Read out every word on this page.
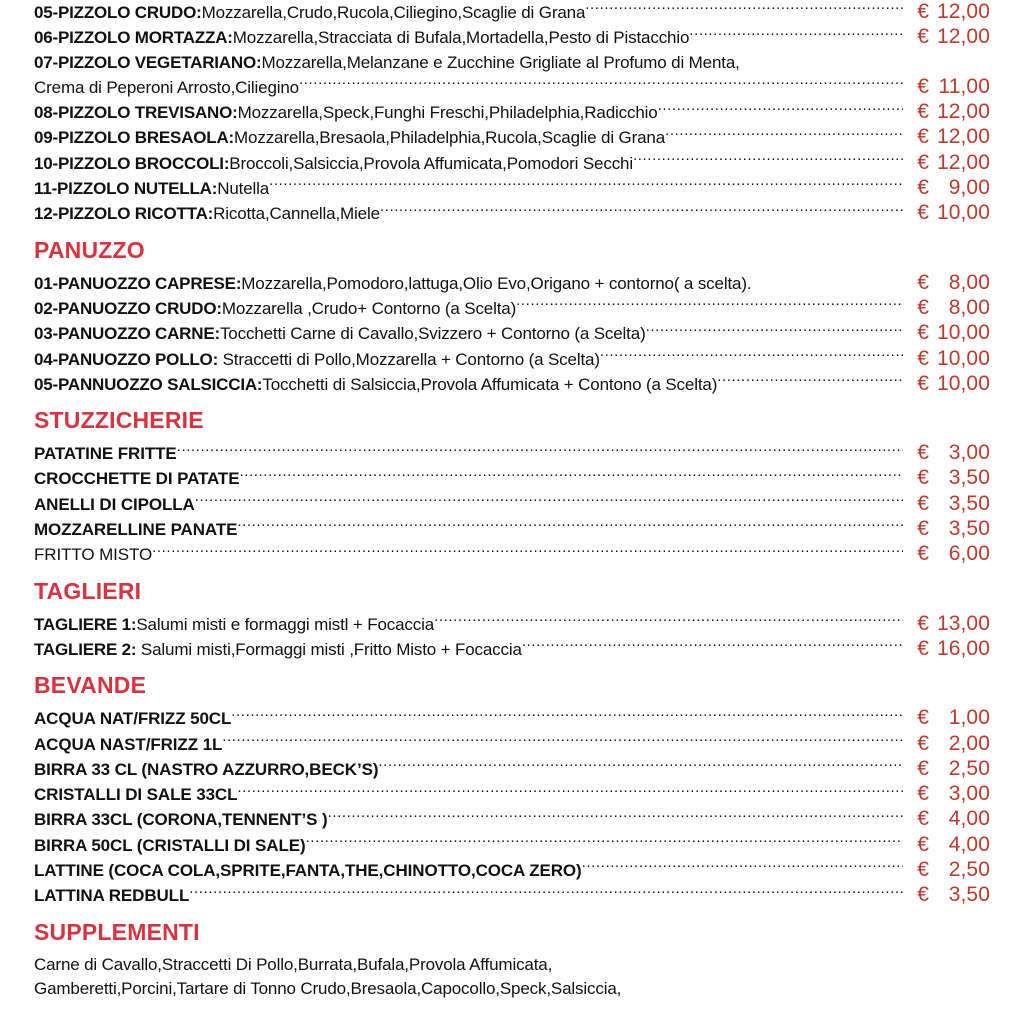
05-PIZZOLO CRUDO:Mozzarella,Crudo,Rucola,Ciliegino,Scaglie di Grana .....	€ 12,00
06-PIZZOLO MORTAZZA:Mozzarella,Stracciata di Bufala,Mortadella,Pesto di Pistacchio .....	€ 12,00
07-PIZZOLO VEGETARIANO:Mozzarella,Melanzane e Zucchine Grigliate al Profumo di Menta,
Crema di Peperoni Arrosto,Ciliegino .....	€ 11,00
08-PIZZOLO TREVISANO:Mozzarella,Speck,Funghi Freschi,Philadelphia,Radicchio .....	€ 12,00
09-PIZZOLO BRESAOLA:Mozzarella,Bresaola,Philadelphia,Rucola,Scaglie di Grana .....	€ 12,00
10-PIZZOLO BROCCOLI:Broccoli,Salsiccia,Provola Affumicata,Pomodori Secchi .....	€ 12,00
11-PIZZOLO NUTELLA:Nutella .....	€ 9,00
12-PIZZOLO RICOTTA:Ricotta,Cannella,Miele .....	€ 10,00
PANUZZO
01-PANUOZZO CAPRESE:Mozzarella,Pomodoro,lattuga,Olio Evo,Origano + contorno( a scelta).	€ 8,00
02-PANUOZZO CRUDO:Mozzarella ,Crudo+ Contorno (a Scelta) .....	€ 8,00
03-PANUOZZO CARNE:Tocchetti Carne di Cavallo,Svizzero + Contorno (a Scelta) .....	€ 10,00
04-PANUOZZO POLLO: Straccetti di Pollo,Mozzarella + Contorno (a Scelta) .....	€ 10,00
05-PANNUOZZO SALSICCIA:Tocchetti di Salsiccia,Provola Affumicata + Contono (a Scelta) .....	€ 10,00
STUZZICHERIE
PATATINE FRITTE .....	€ 3,00
CROCCHETTE DI PATATE .....	€ 3,50
ANELLI DI CIPOLLA .....	€ 3,50
MOZZARELLINE PANATE .....	€ 3,50
FRITTO MISTO .....	€ 6,00
TAGLIERI
TAGLIERE 1:Salumi misti e formaggi mistl + Focaccia .....	€ 13,00
TAGLIERE 2: Salumi misti,Formaggi misti ,Fritto Misto + Focaccia .....	€ 16,00
BEVANDE
ACQUA NAT/FRIZZ 50CL .....	€ 1,00
ACQUA NAST/FRIZZ 1L .....	€ 2,00
BIRRA 33 CL (NASTRO AZZURRO,BECK’S) .....	€ 2,50
CRISTALLI DI SALE 33CL .....	€ 3,00
BIRRA 33CL (CORONA,TENNENT’S ) .....	€ 4,00
BIRRA 50CL (CRISTALLI DI SALE) .....	€ 4,00
LATTINE (COCA COLA,SPRITE,FANTA,THE,CHINOTTO,COCA ZERO) .....	€ 2,50
LATTINA REDBULL .....	€ 3,50
SUPPLEMENTI
Carne di Cavallo,Straccetti Di Pollo,Burrata,Bufala,Provola Affumicata,
Gamberetti,Porcini,Tartare di Tonno Crudo,Bresaola,Capocollo,Speck,Salsiccia,
